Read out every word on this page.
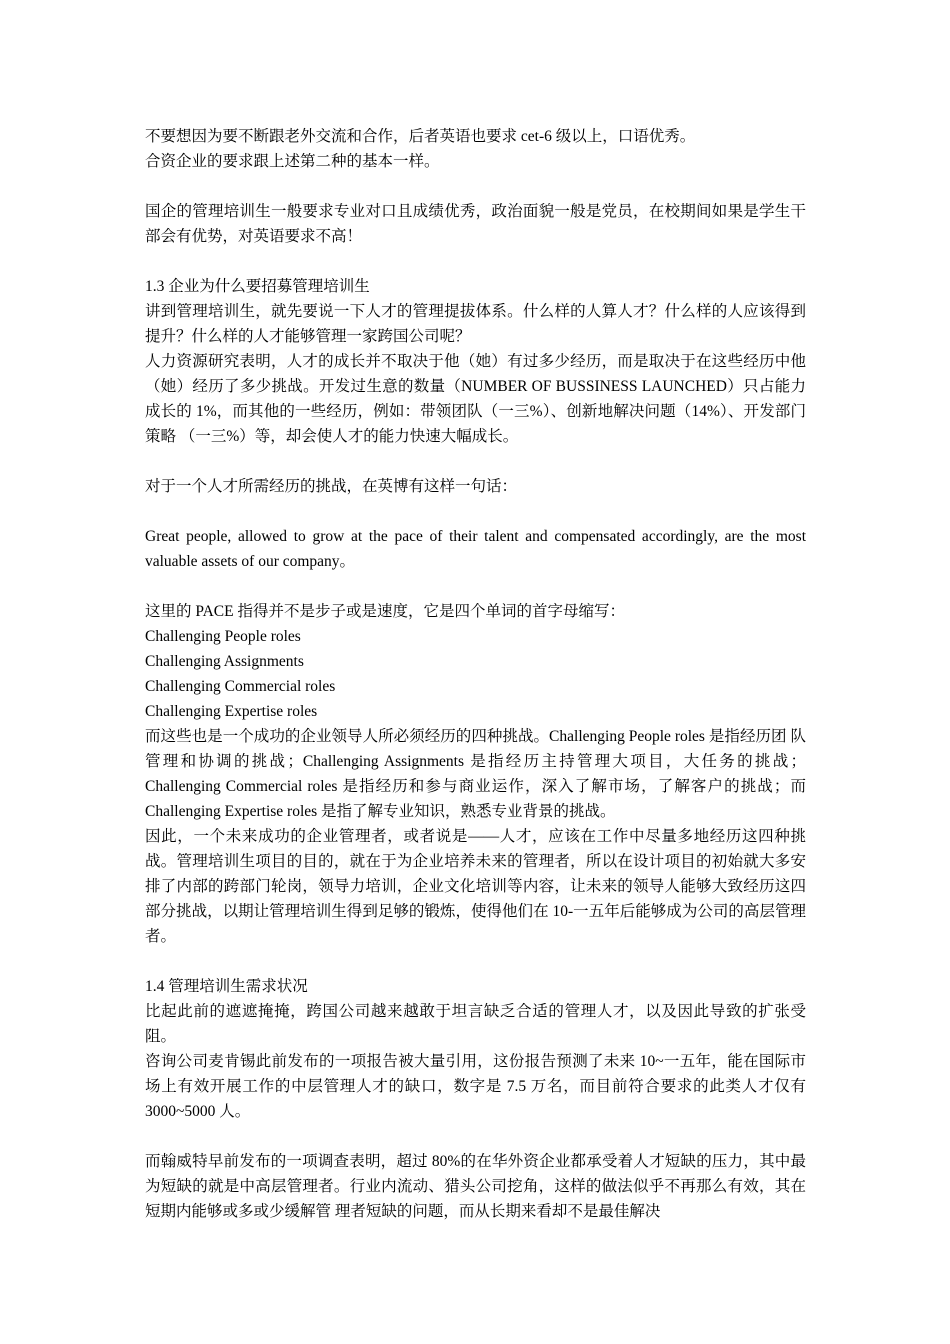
不要想因为要不断跟老外交流和合作，后者英语也要求 cet-6 级以上，口语优秀。

合资企业的要求跟上述第二种的基本一样。

国企的管理培训生一般要求专业对口且成绩优秀，政治面貌一般是党员，在校期间如果是学生干部会有优势，对英语要求不高！

1.3 企业为什么要招募管理培训生

讲到管理培训生，就先要说一下人才的管理提拔体系。什么样的人算人才？什么样的人应该得到提升？什么样的人才能够管理一家跨国公司呢？

人力资源研究表明，人才的成长并不取决于他（她）有过多少经历，而是取决于在这些经历中他（她）经历了多少挑战。开发过生意的数量（NUMBER OF BUSSINESS LAUNCHED）只占能力成长的 1%，而其他的一些经历，例如：带领团队（一三%）、创新地解决问题（14%）、开发部门策略 （一三%）等，却会使人才的能力快速大幅成长。

对于一个人才所需经历的挑战，在英博有这样一句话：

Great people, allowed to grow at the pace of their talent and compensated accordingly, are the most valuable assets of our company。

这里的 PACE 指得并不是步子或是速度，它是四个单词的首字母缩写：

Challenging People roles

Challenging Assignments

Challenging Commercial roles

Challenging Expertise roles

而这些也是一个成功的企业领导人所必须经历的四种挑战。Challenging People roles 是指经历团 队管理和协调的挑战；Challenging Assignments 是指经历主持管理大项目，大任务的挑战；Challenging Commercial roles 是指经历和参与商业运作，深入了解市场，了解客户的挑战；而 Challenging Expertise roles 是指了解专业知识，熟悉专业背景的挑战。

因此，一个未来成功的企业管理者，或者说是——人才，应该在工作中尽量多地经历这四种挑战。管理培训生项目的目的，就在于为企业培养未来的管理者，所以在设计项目的初始就大多安排了内部的跨部门轮岗，领导力培训，企业文化培训等内容，让未来的领导人能够大致经历这四部分挑战，以期让管理培训生得到足够的锻炼，使得他们在 10-一五年后能够成为公司的高层管理者。

1.4 管理培训生需求状况

比起此前的遮遮掩掩，跨国公司越来越敢于坦言缺乏合适的管理人才，以及因此导致的扩张受 阻。

咨询公司麦肯锡此前发布的一项报告被大量引用，这份报告预测了未来 10~一五年，能在国际市场上有效开展工作的中层管理人才的缺口，数字是 7.5 万名，而目前符合要求的此类人才仅有3000~5000 人。

而翰威特早前发布的一项调查表明，超过 80%的在华外资企业都承受着人才短缺的压力，其中最为短缺的就是中高层管理者。行业内流动、猎头公司挖角，这样的做法似乎不再那么有效，其在短期内能够或多或少缓解管 理者短缺的问题，而从长期来看却不是最佳解决
